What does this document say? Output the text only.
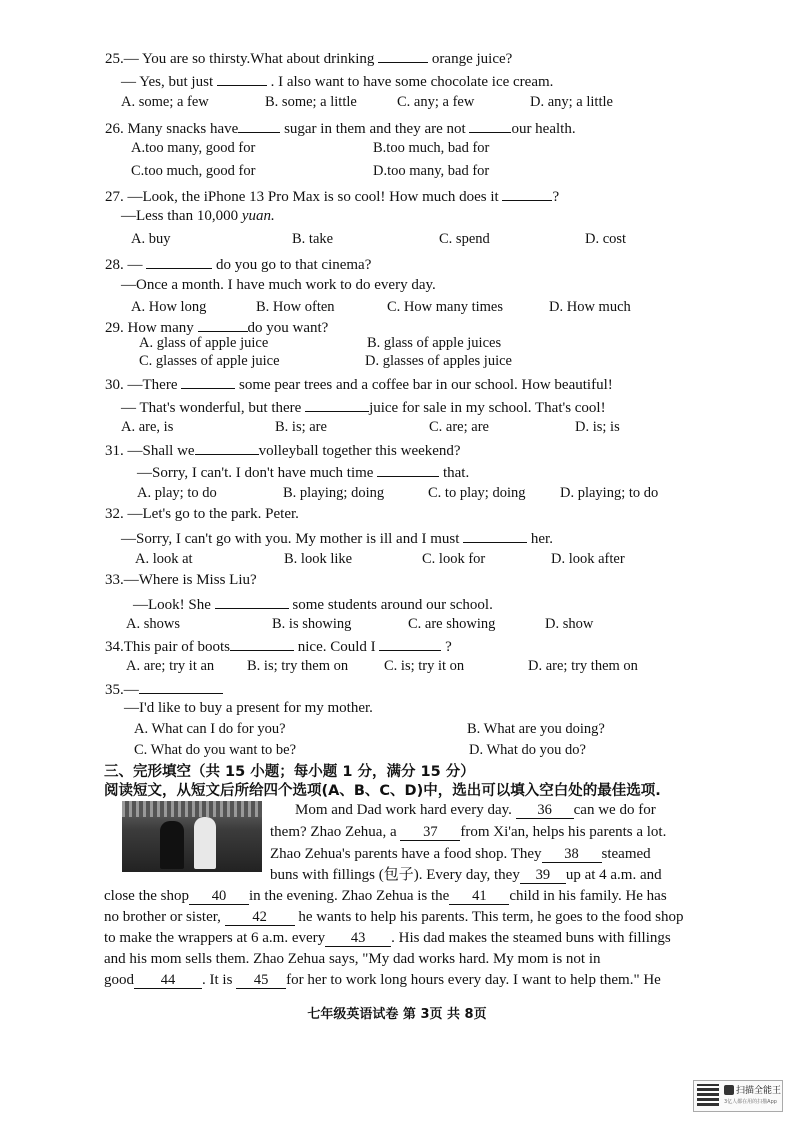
25.— You are so thirsty.What about drinking	orange juice?
— Yes, but just	. I also want to have some chocolate ice cream.
A. some; a few	B. some; a little	C. any; a few	D. any; a little
26. Many snacks have	sugar in them and they are not	our health.
A.too many, good for	B.too much, bad for
C.too much, good for	D.too many, bad for
27. —Look, the iPhone 13 Pro Max is so cool! How much does it	?
—Less than 10,000 yuan.
A. buy	B. take	C. spend	D. cost
28. —	do you go to that cinema?
—Once a month. I have much work to do every day.
A. How long	B. How often	C. How many times	D. How much
29. How many	do you want?
A. glass of apple juice	B. glass of apple juices
C. glasses of apple juice	D. glasses of apples juice
30. —There	some pear trees and a coffee bar in our school. How beautiful!
— That's wonderful, but there	juice for sale in my school. That's cool!
A. are, is	B. is; are	C. are; are	D. is; is
31. —Shall we	volleyball together this weekend?
—Sorry, I can't. I don't have much time	that.
A. play; to do	B. playing; doing	C. to play; doing D. playing; to do
32. —Let's go to the park. Peter.
—Sorry, I can't go with you. My mother is ill and I must	her.
A. look at	B. look like	C. look for	D. look after
33.—Where is Miss Liu?
—Look! She	some students around our school.
A. shows	B. is showing	C. are showing	D. show
34.This pair of boots	nice. Could I	?
A. are; try it an B. is; try them on C. is; try it on	D. are; try them on
35.—
—I'd like to buy a present for my mother.
A. What can I do for you?	B. What are you doing?
C. What do you want to be?	D. What do you do?
三、完形填空（共 15 小题；每小题 1 分，满分 15 分）
阅读短文，从短文后所给四个选项(A、B、C、D)中，选出可以填入空白处的最佳选项.
Mom and Dad work hard every day. 36 can we do for
them? Zhao Zehua, a 37 from Xi'an, helps his parents a lot.
Zhao Zehua's parents have a food shop. They 38 steamed
buns with fillings (包子). Every day, they 39 up at 4 a.m. and
close the shop 40 in the evening. Zhao Zehua is the 41 child in his family. He has
no brother or sister, 42 he wants to help his parents. This term, he goes to the food shop
to make the wrappers at 6 a.m. every 43 . His dad makes the steamed buns with fillings
and his mom sells them. Zhao Zehua says, "My dad works hard. My mom is not in
good 44 . It is 45 for her to work long hours every day. I want to help them." He
七年级英语试卷 第 3页 共 8页
扫描全能王
3亿人都在用的扫描App
